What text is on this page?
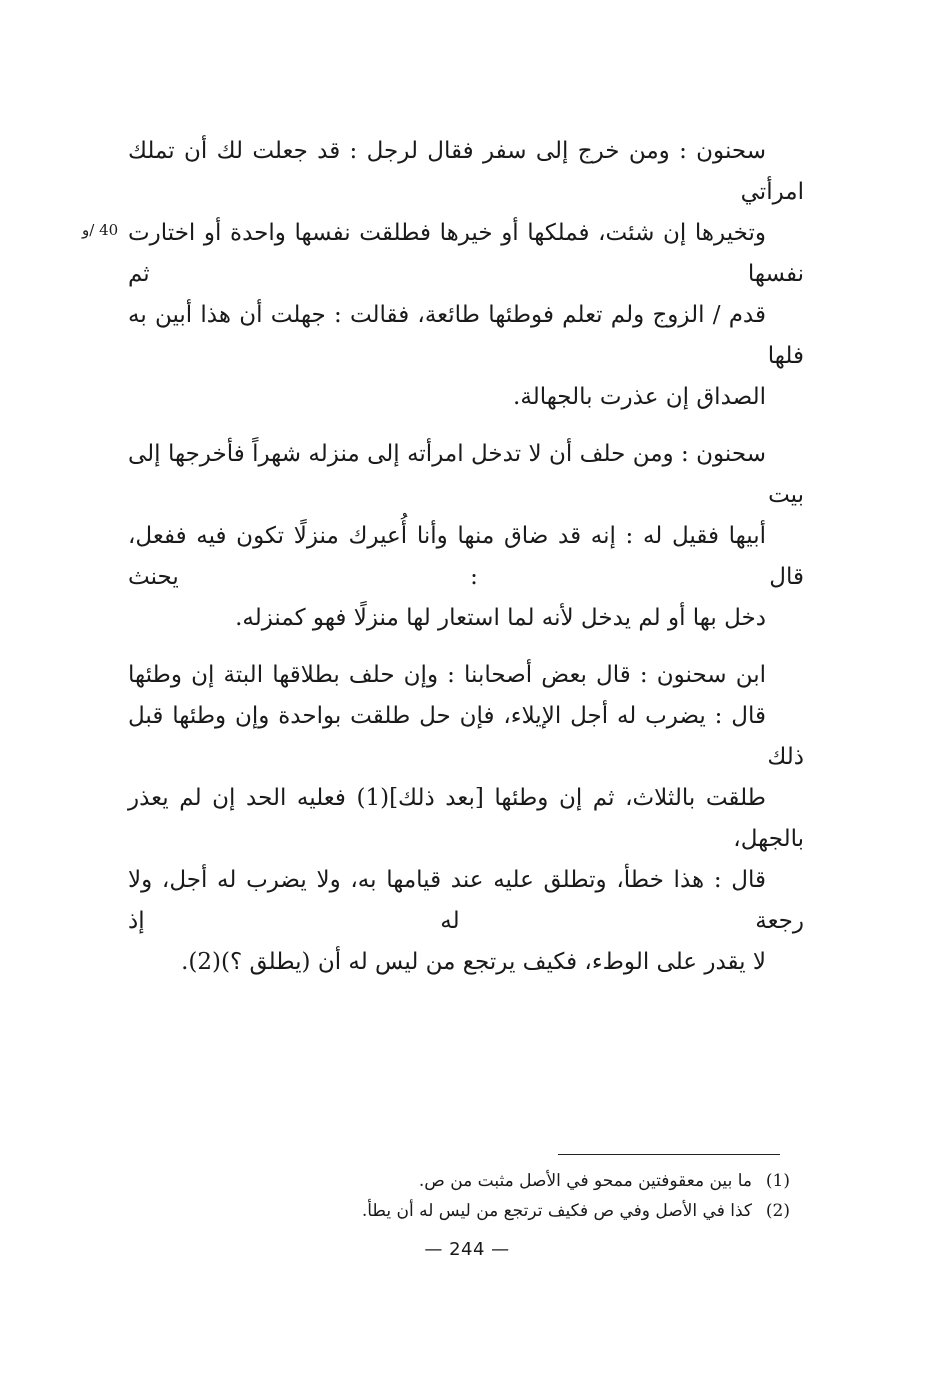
سحنون : ومن خرج إلى سفر فقال لرجل : قد جعلت لك أن تملك امرأتي
وتخيرها إن شئت، فملكها أو خيرها فطلقت نفسها واحدة أو اختارت نفسها ثم
قدم / الزوج ولم تعلم فوطئها طائعة، فقالت : جهلت أن هذا أبين به فلها
الصداق إن عذرت بالجهالة.

سحنون : ومن حلف أن لا تدخل امرأته إلى منزله شهراً فأخرجها إلى بيت
أبيها فقيل له : إنه قد ضاق منها وأنا أُعيرك منزلًا تكون فيه ففعل، قال : يحنث
دخل بها أو لم يدخل لأنه لما استعار لها منزلًا فهو كمنزله.

ابن سحنون : قال بعض أصحابنا : وإن حلف بطلاقها البتة إن وطئها
قال : يضرب له أجل الإيلاء، فإن حل طلقت بواحدة وإن وطئها قبل ذلك
طلقت بالثلاث، ثم إن وطئها [بعد ذلك](1) فعليه الحد إن لم يعذر بالجهل،
قال : هذا خطأ، وتطلق عليه عند قيامها به، ولا يضرب له أجل، ولا رجعة له إذ
لا يقدر على الوطء، فكيف يرتجع من ليس له أن (يطلق ؟)(2).

40 /و
(1)ما بين معقوفتين ممحو في الأصل مثبت من ص.
(2)كذا في الأصل وفي ص فكيف ترتجع من ليس له أن يطأ.
— 244 —
